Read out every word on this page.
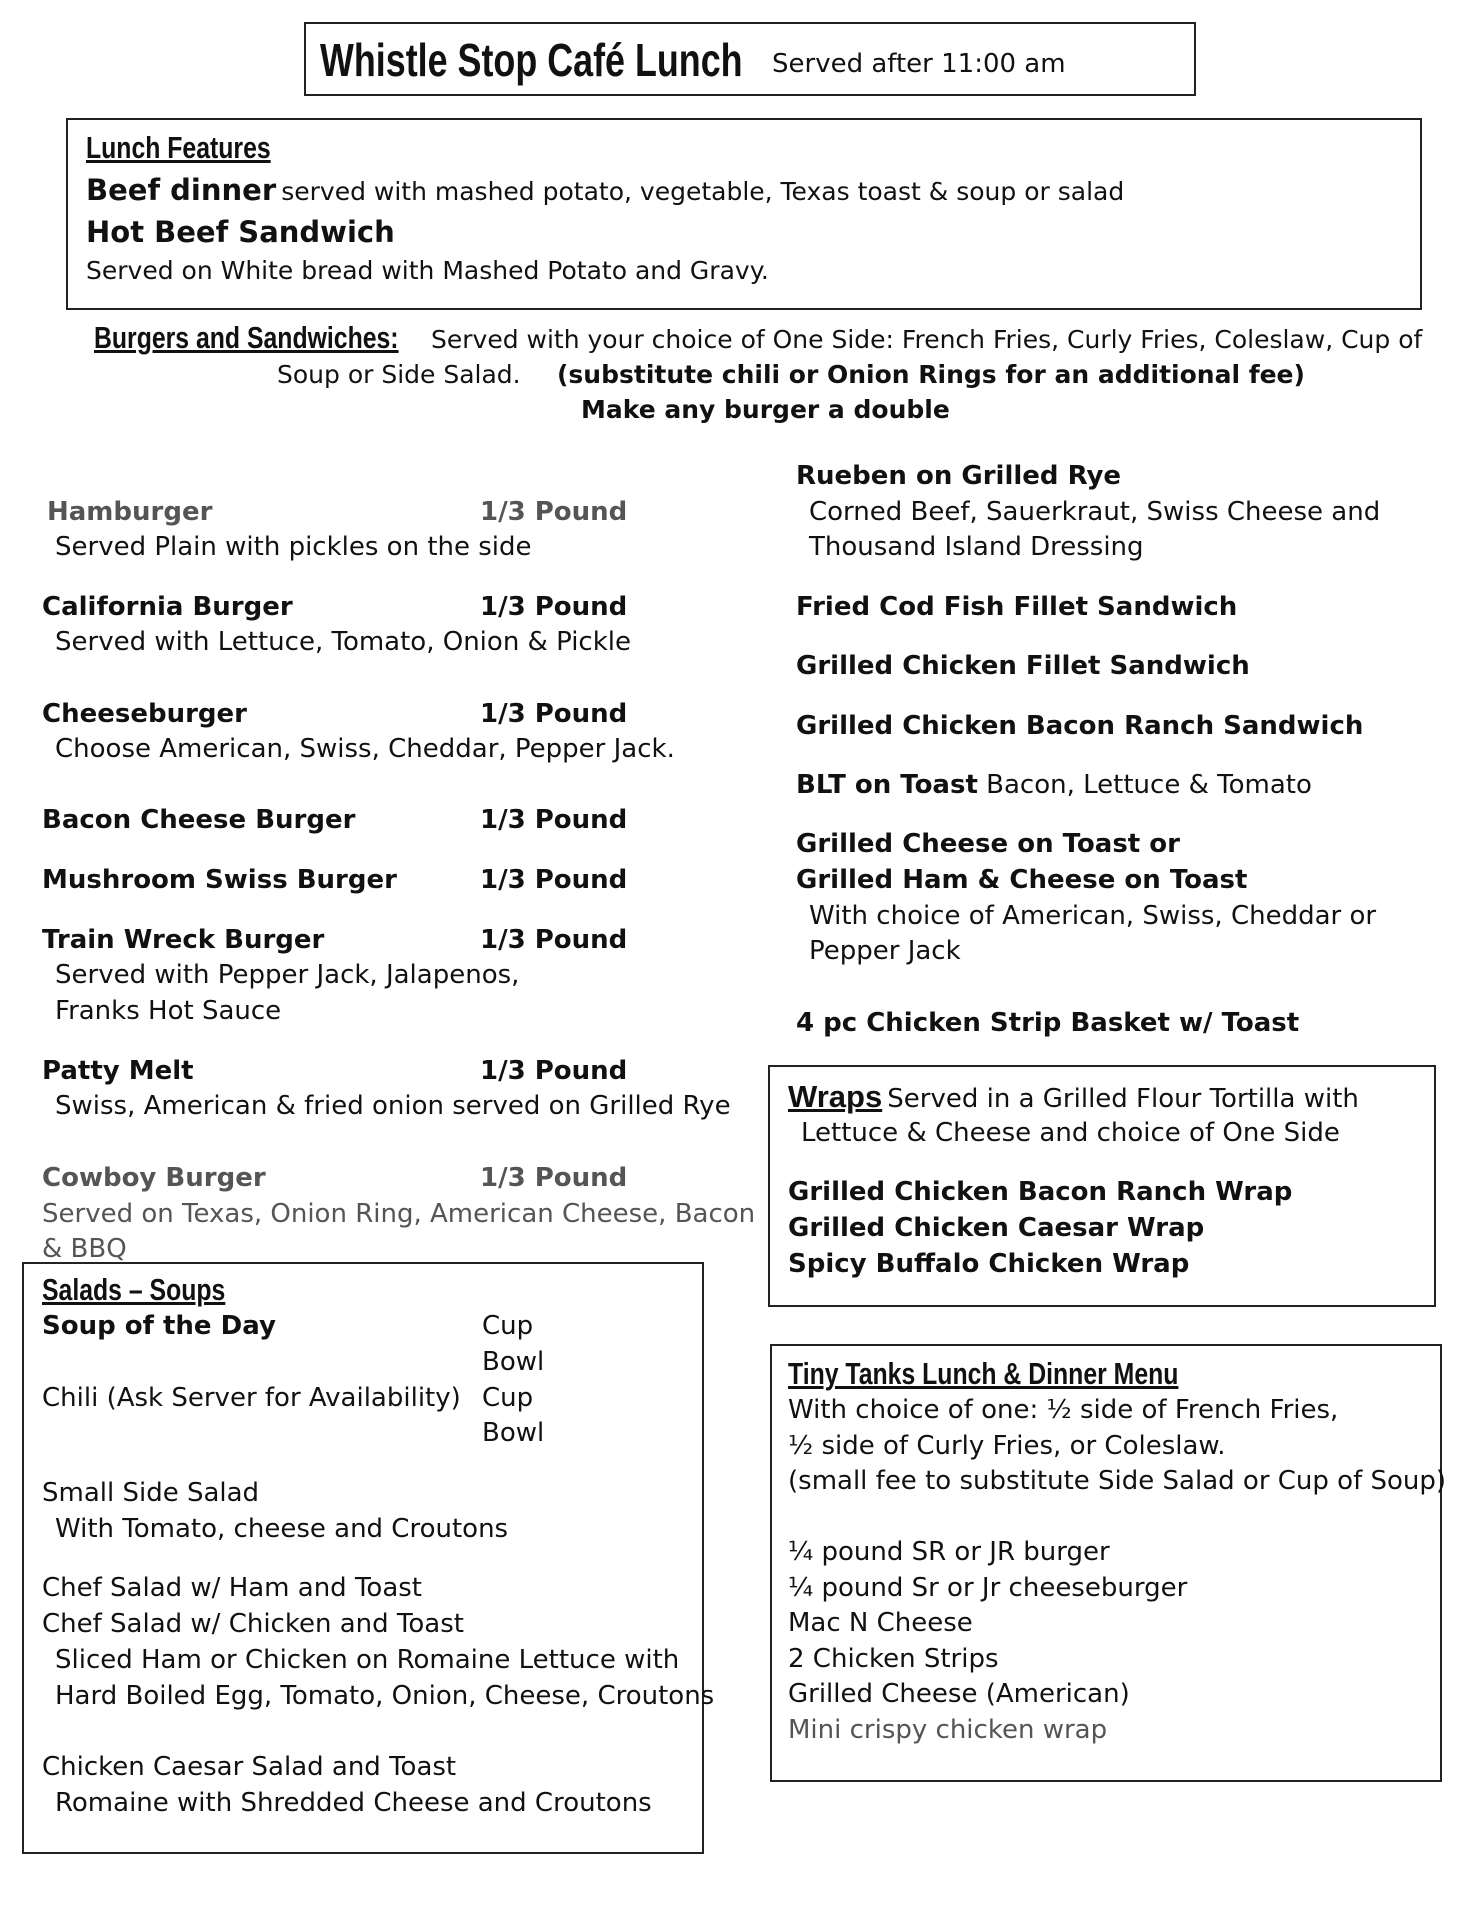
Whistle Stop Café Lunch	Served after 11:00 am
Lunch Features
Beef dinner served with mashed potato, vegetable, Texas toast & soup or salad
Hot Beef Sandwich
Served on White bread with Mashed Potato and Gravy.
Burgers and Sandwiches:	Served with your choice of One Side: French Fries, Curly Fries, Coleslaw, Cup of
Soup or Side Salad. (substitute chili or Onion Rings for an additional fee)
Make any burger a double
Hamburger	1/3 Pound
Served Plain with pickles on the side
California Burger	1/3 Pound
Served with Lettuce, Tomato, Onion & Pickle
Cheeseburger	1/3 Pound
Choose American, Swiss, Cheddar, Pepper Jack.
Bacon Cheese Burger	1/3 Pound
Mushroom Swiss Burger	1/3 Pound
Train Wreck Burger	1/3 Pound
Served with Pepper Jack, Jalapenos,
Franks Hot Sauce
Patty Melt	1/3 Pound
Swiss, American & fried onion served on Grilled Rye
Cowboy Burger	1/3 Pound
Served on Texas, Onion Ring, American Cheese, Bacon
& BBQ
Rueben on Grilled Rye
Corned Beef, Sauerkraut, Swiss Cheese and
Thousand Island Dressing
Fried Cod Fish Fillet Sandwich
Grilled Chicken Fillet Sandwich
Grilled Chicken Bacon Ranch Sandwich
BLT on Toast Bacon, Lettuce & Tomato
Grilled Cheese on Toast or
Grilled Ham & Cheese on Toast
With choice of American, Swiss, Cheddar or
Pepper Jack
4 pc Chicken Strip Basket w/ Toast
Wraps Served in a Grilled Flour Tortilla with
Lettuce & Cheese and choice of One Side
Grilled Chicken Bacon Ranch Wrap
Grilled Chicken Caesar Wrap
Spicy Buffalo Chicken Wrap
Salads – Soups
Soup of the Day	Cup
Bowl
Chili (Ask Server for Availability) Cup
Bowl
Small Side Salad
With Tomato, cheese and Croutons
Chef Salad w/ Ham and Toast
Chef Salad w/ Chicken and Toast
Sliced Ham or Chicken on Romaine Lettuce with
Hard Boiled Egg, Tomato, Onion, Cheese, Croutons
Chicken Caesar Salad and Toast
Romaine with Shredded Cheese and Croutons
Tiny Tanks Lunch & Dinner Menu
With choice of one: ½ side of French Fries,
½ side of Curly Fries, or Coleslaw.
(small fee to substitute Side Salad or Cup of Soup)
¼ pound SR or JR burger
¼ pound Sr or Jr cheeseburger
Mac N Cheese
2 Chicken Strips
Grilled Cheese (American)
Mini crispy chicken wrap
